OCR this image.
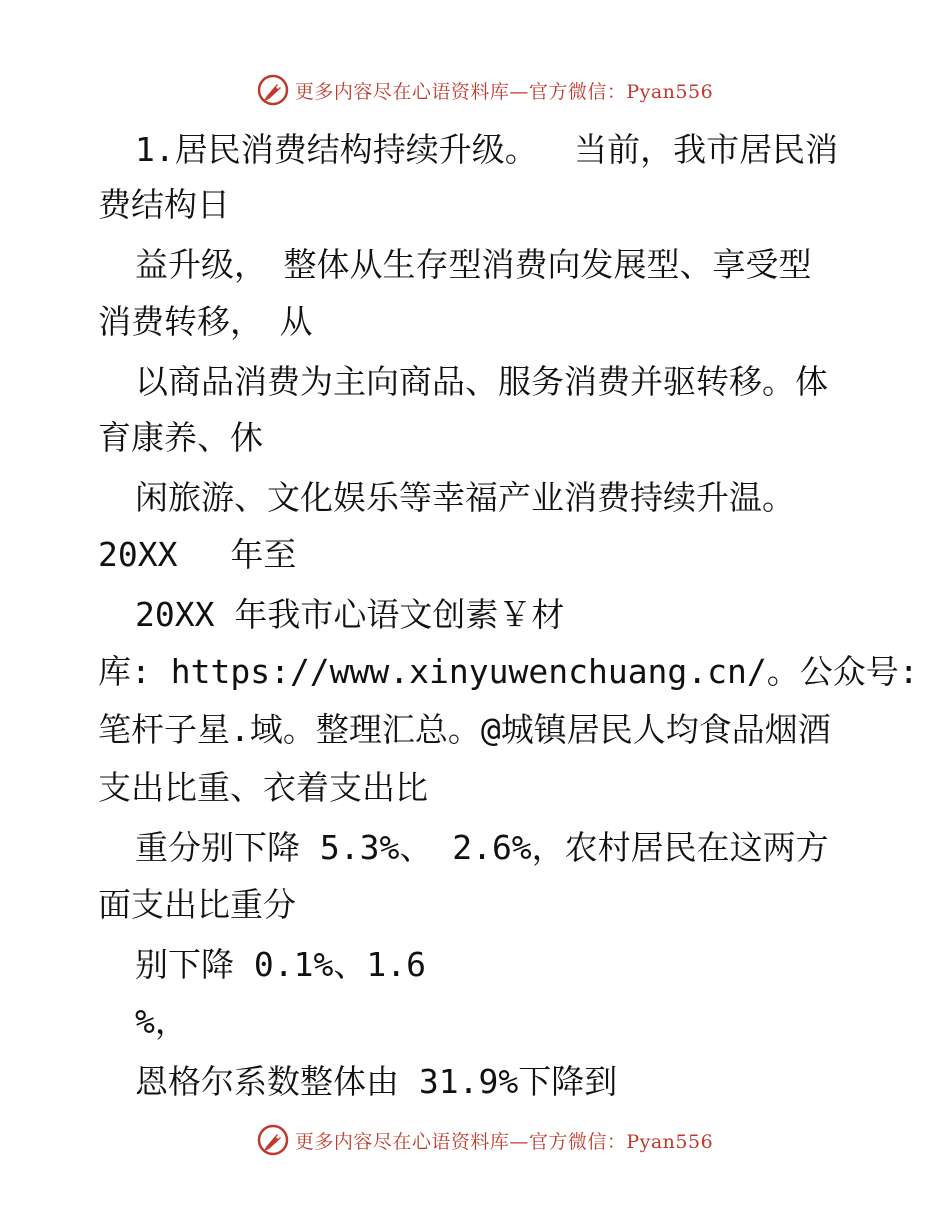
更多内容尽在心语资料库—官方微信：Pyan556
1.居民消费结构持续升级。　 当前，我市居民消
费结构日
益升级，　整体从生存型消费向发展型、享受型
消费转移，　从
以商品消费为主向商品、服务消费并驱转移。体
育康养、休
闲旅游、文化娱乐等幸福产业消费持续升温。
20XX　 年至
20XX 年我市心语文创素￥材
库: https://www.xinyuwenchuang.cn/。公众号:
笔杆子星.域。整理汇总。@城镇居民人均食品烟酒
支出比重、衣着支出比
重分别下降 5.3%、 2.6%，农村居民在这两方
面支出比重分
别下降 0.1%、1.6
%，
恩格尔系数整体由 31.9%下降到
更多内容尽在心语资料库—官方微信：Pyan556
